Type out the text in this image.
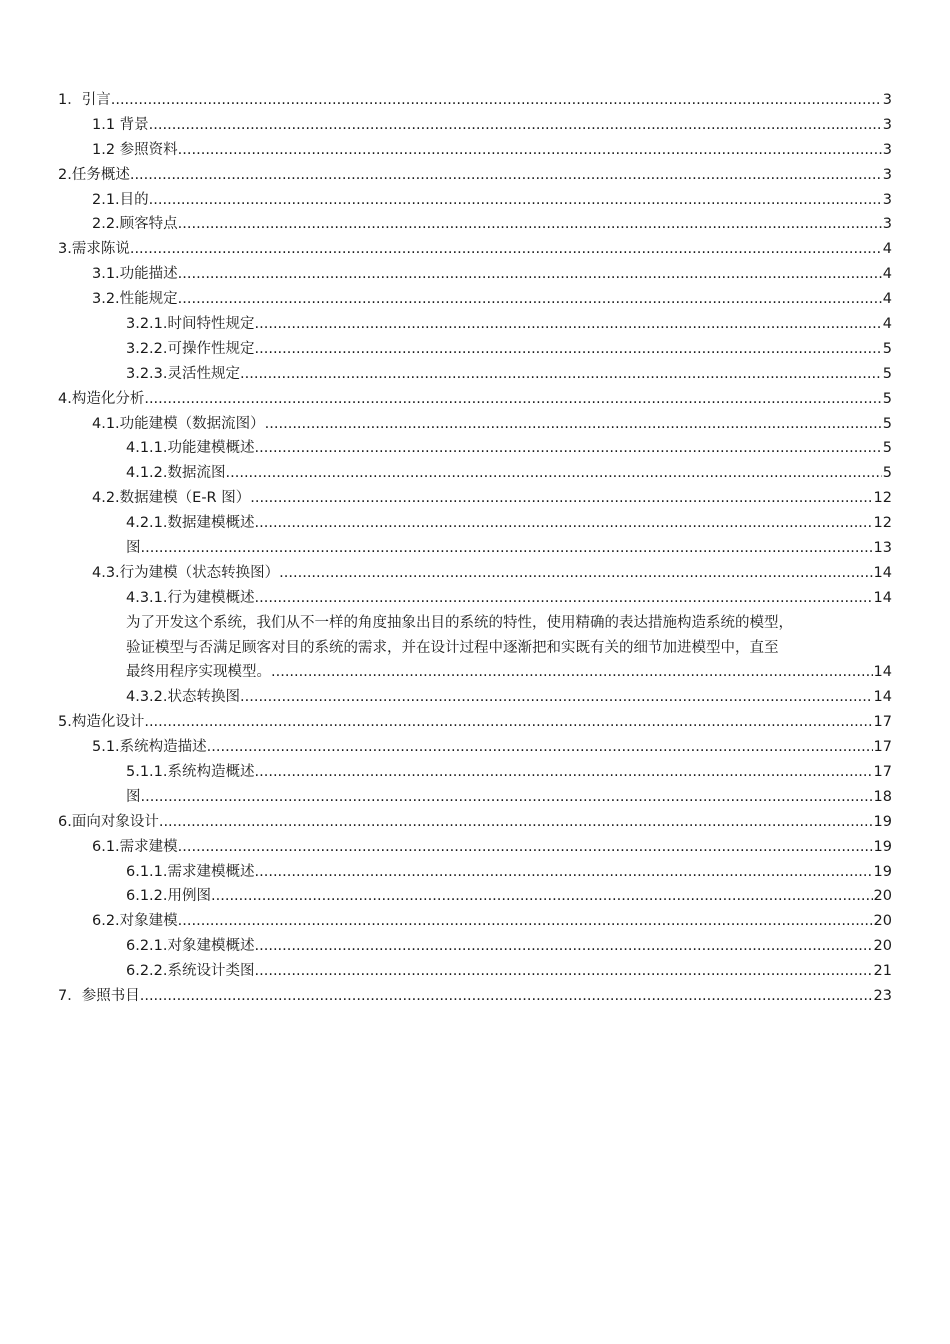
1．引言 .....	3
1.1 背景 .....	3
1.2 参照资料 .....	3
2.任务概述 .....	3
2.1.目的 .....	3
2.2.顾客特点 .....	3
3.需求陈说 .....	4
3.1.功能描述 .....	4
3.2.性能规定 .....	4
3.2.1.时间特性规定 .....	4
3.2.2.可操作性规定 .....	5
3.2.3.灵活性规定 .....	5
4.构造化分析 .....	5
4.1.功能建模（数据流图） .....	5
4.1.1.功能建模概述 .....	5
4.1.2.数据流图 .....	5
4.2.数据建模（E-R 图） .....	12
4.2.1.数据建模概述 .....	12
图 .....	13
4.3.行为建模（状态转换图） .....	14
4.3.1.行为建模概述 .....	14
为了开发这个系统，我们从不一样的角度抽象出目的系统的特性，使用精确的表达措施构造系统的模型，
验证模型与否满足顾客对目的系统的需求，并在设计过程中逐渐把和实既有关的细节加进模型中，直至
最终用程序实现模型。 .....	14
4.3.2.状态转换图 .....	14
5.构造化设计 .....	17
5.1.系统构造描述 .....	17
5.1.1.系统构造概述 .....	17
图 .....	18
6.面向对象设计 .....	19
6.1.需求建模 .....	19
6.1.1.需求建模概述 .....	19
6.1.2.用例图 .....	20
6.2.对象建模 .....	20
6.2.1.对象建模概述 .....	20
6.2.2.系统设计类图 .....	21
7．参照书目 .....	23
